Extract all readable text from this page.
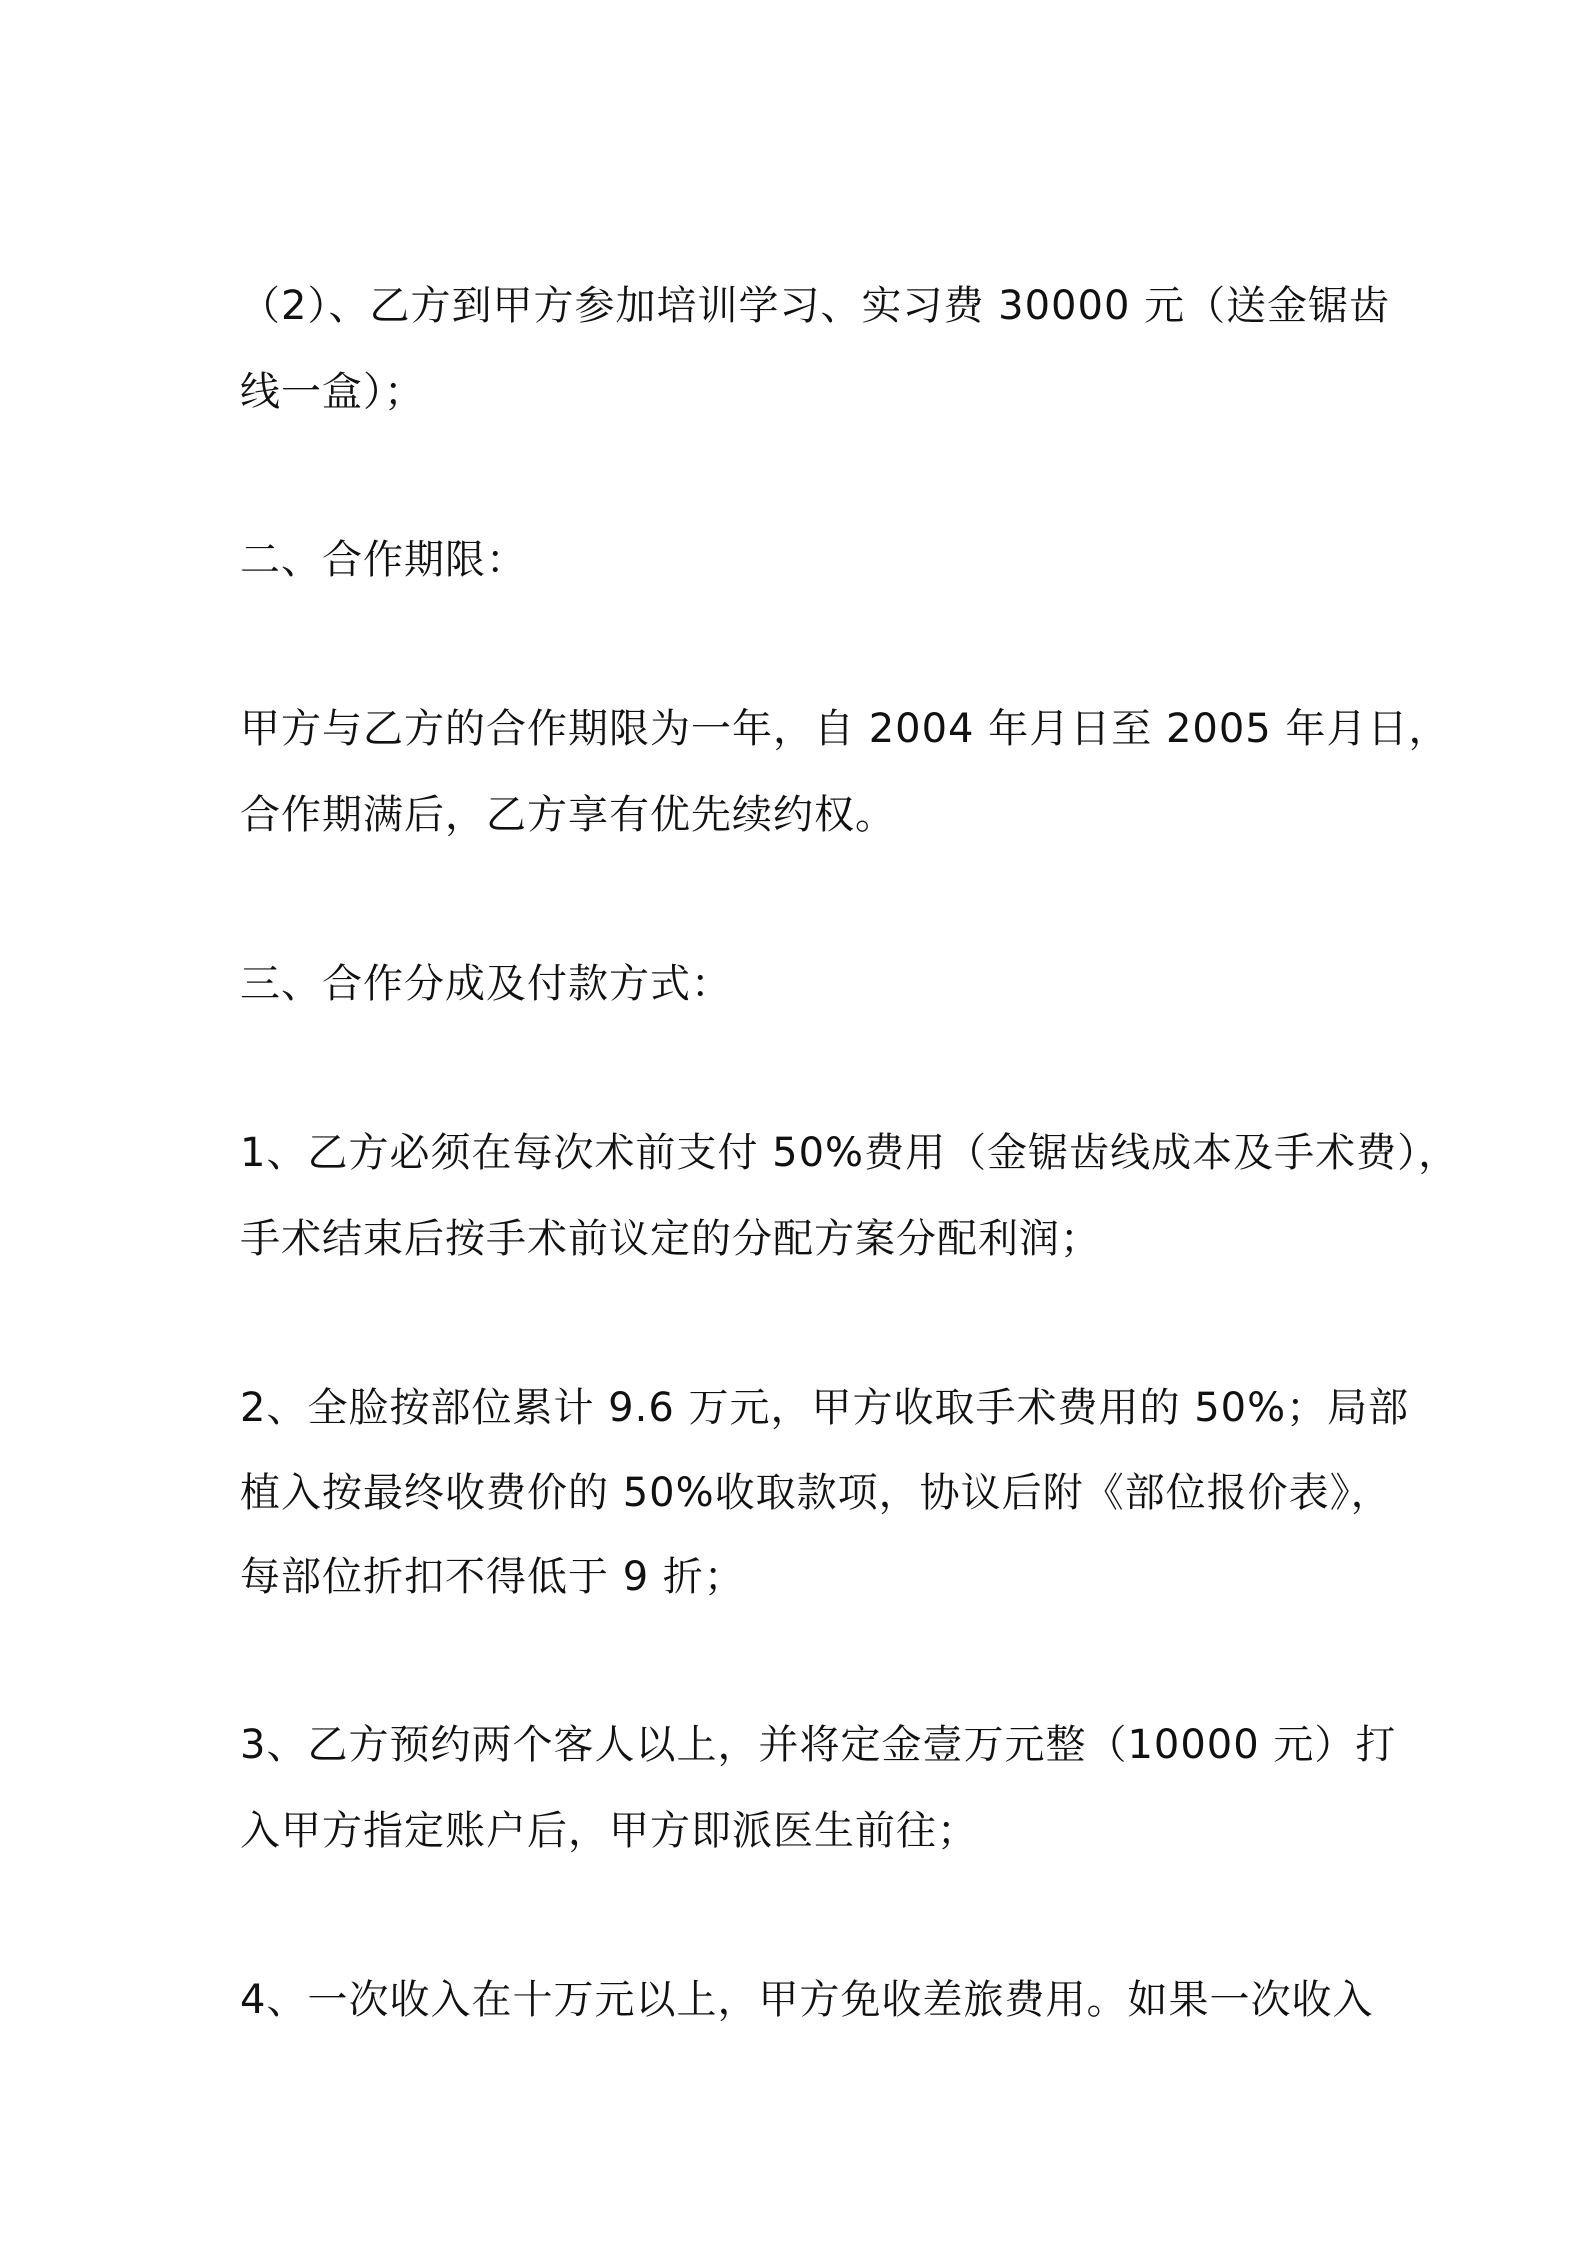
（2）、乙方到甲方参加培训学习、实习费 30000 元（送金锯齿
线一盒）；
二、合作期限：
甲方与乙方的合作期限为一年，自 2004 年月日至 2005 年月日，
合作期满后，乙方享有优先续约权。
三、合作分成及付款方式：
1、乙方必须在每次术前支付 50%费用（金锯齿线成本及手术费），
手术结束后按手术前议定的分配方案分配利润；
2、全脸按部位累计 9.6 万元，甲方收取手术费用的 50%；局部
植入按最终收费价的 50%收取款项，协议后附《部位报价表》，
每部位折扣不得低于 9 折；
3、乙方预约两个客人以上，并将定金壹万元整（10000 元）打
入甲方指定账户后，甲方即派医生前往；
4、一次收入在十万元以上，甲方免收差旅费用。如果一次收入
